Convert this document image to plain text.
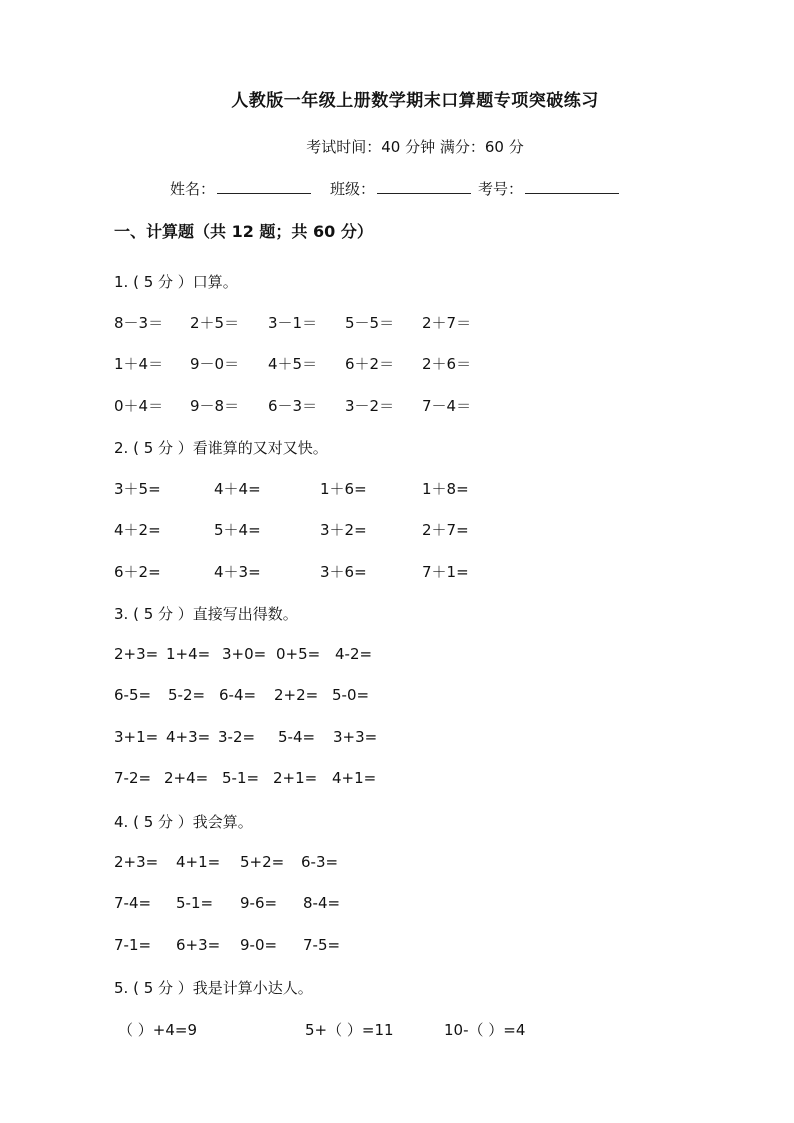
人教版一年级上册数学期末口算题专项突破练习
考试时间：40 分钟 满分：60 分
姓名：	班级：	考号：
一、计算题（共 12 题；共 60 分）
1. ( 5 分 ）口算。
8－3＝ 2＋5＝ 3－1＝ 5－5＝ 2＋7＝
1＋4＝ 9－0＝ 4＋5＝ 6＋2＝ 2＋6＝
0＋4＝ 9－8＝ 6－3＝ 3－2＝ 7－4＝
2. ( 5 分 ）看谁算的又对又快。
3＋5=	4＋4=	1＋6=	1＋8=
4＋2=	5＋4=	3＋2=	2＋7=
6＋2=	4＋3=	3＋6=	7＋1=
3. ( 5 分 ）直接写出得数。
2+3= 1+4= 3+0= 0+5= 4-2=
6-5= 5-2= 6-4= 2+2= 5-0=
3+1= 4+3= 3-2= 5-4= 3+3=
7-2= 2+4= 5-1= 2+1= 4+1=
4. ( 5 分 ）我会算。
2+3= 4+1= 5+2= 6-3=
7-4= 5-1= 9-6= 8-4=
7-1= 6+3= 9-0= 7-5=
5. ( 5 分 ）我是计算小达人。
（ ）+4=9	5+（ ）=11	10-（ ）=4
